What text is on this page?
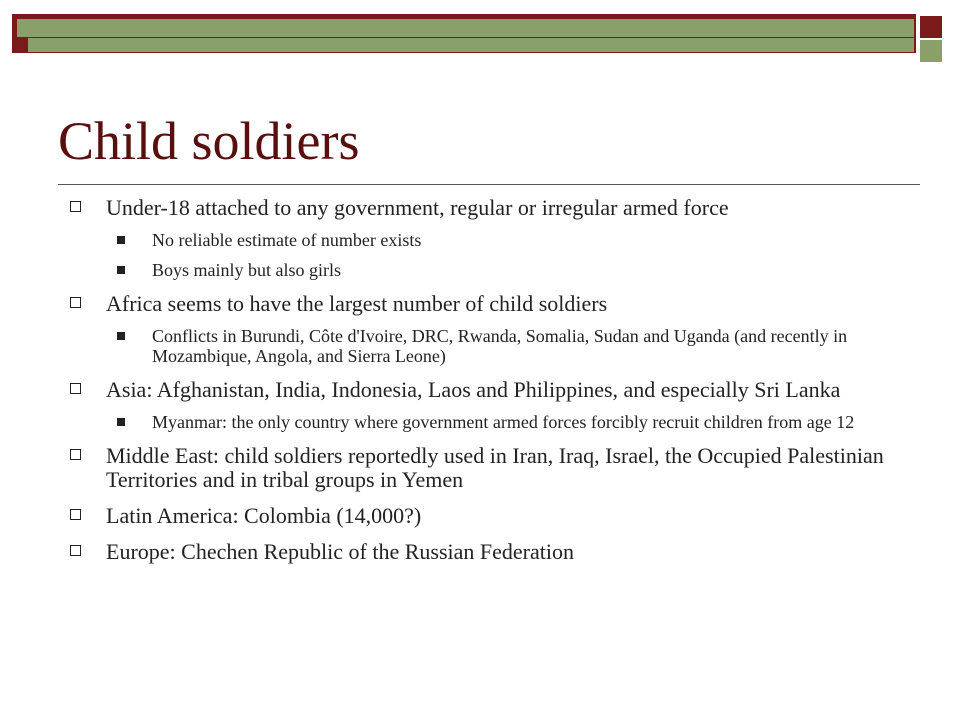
Child soldiers
Under-18 attached to any government, regular or irregular armed force
No reliable estimate of number exists
Boys mainly but also girls
Africa seems to have the largest number of child soldiers
Conflicts in Burundi, Côte d'Ivoire, DRC, Rwanda, Somalia, Sudan and Uganda (and recently in Mozambique, Angola, and Sierra Leone)
Asia: Afghanistan, India, Indonesia, Laos and Philippines, and especially Sri Lanka
Myanmar: the only country where government armed forces forcibly recruit children from age 12
Middle East: child soldiers reportedly used in Iran, Iraq, Israel, the Occupied Palestinian Territories and in tribal groups in Yemen
Latin America: Colombia (14,000?)
Europe: Chechen Republic of the Russian Federation
